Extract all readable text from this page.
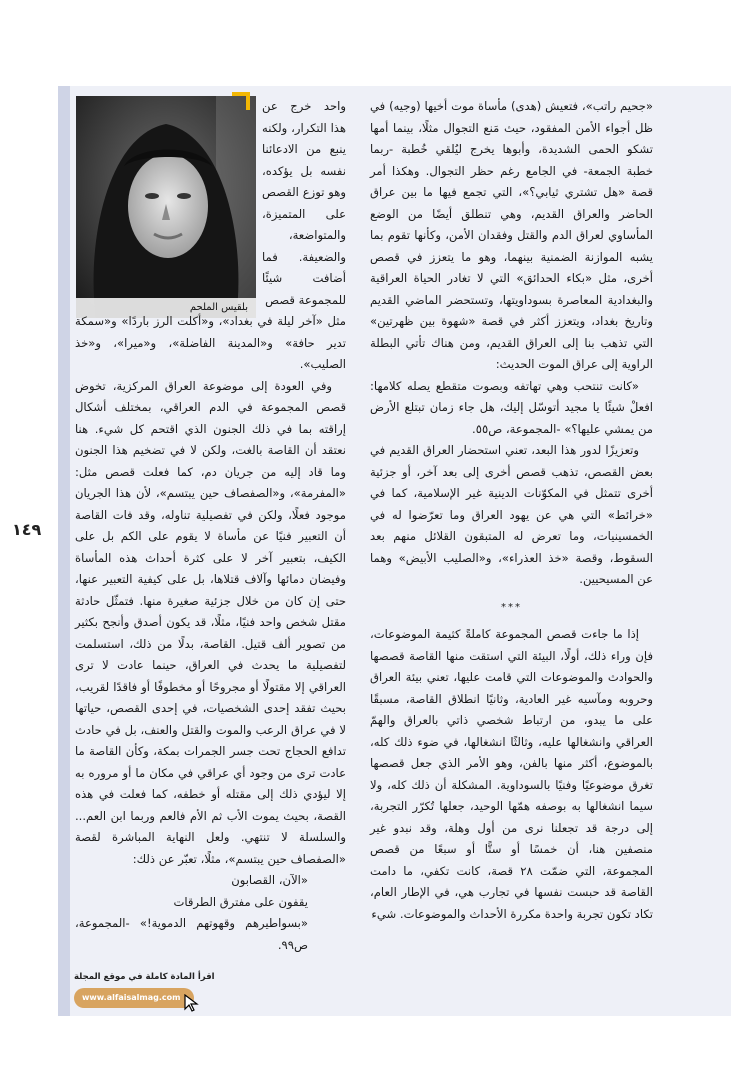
١٤٩

«جحيم راتب»، فتعيش (هدى) مأساة موت أخيها (وجيه) في ظل أجواء الأمن المفقود، حيث مَنع التجوال مثلًا، بينما أمها تشكو الحمى الشديدة، وأبوها يخرج ليُلقي خُطبة -ربما خطبة الجمعة- في الجامع رغم حظر التجوال. وهكذا أمر قصة «هل تشتري ثيابي؟»، التي تجمع فيها ما بين عراق الحاضر والعراق القديم، وهي تنطلق أيضًا من الوضع المأساوي لعراق الدم والقتل وفقدان الأمن، وكأنها تقوم بما يشبه الموازنة الضمنية بينهما، وهو ما يتعزز في قصص أخرى، مثل «بكاء الحدائق» التي لا تغادر الحياة العراقية والبغدادية المعاصرة بسوداويتها، وتستحضر الماضي القديم وتاريخ بغداد، ويتعزز أكثر في قصة «شهوة بين ظهرتين» التي تذهب بنا إلى العراق القديم، ومن هناك تأتي البطلة الراوية إلى عراق الموت الحديث:

«كانت تنتحب وهي تهاتفه وبصوت متقطع يصله كلامها: افعلْ شيئًا يا مجيد أتوسّل إليك، هل جاء زمان تبتلع الأرض من يمشي عليها؟» -المجموعة، ص٥٥.

وتعزيزًا لدور هذا البعد، تعني استحضار العراق القديم في بعض القصص، تذهب قصص أخرى إلى بعد آخر، أو جزئية أخرى تتمثل في المكوّنات الدينية غير الإسلامية، كما في «خرائط» التي هي عن يهود العراق وما تعرّضوا له في الخمسينيات، وما تعرض له المتبقون القلائل منهم بعد السقوط، وقصة «خذ العذراء»، و«الصليب الأبيض» وهما عن المسيحيين.

***

إذا ما جاءت قصص المجموعة كاملةً كثيمة الموضوعات، فإن وراء ذلك، أولًا، البيئة التي استقت منها القاصة قصصها والحوادث والموضوعات التي قامت عليها، تعني بيئة العراق وحروبه ومآسيه غير العادية، وثانيًا انطلاق القاصة، مسبقًا على ما يبدو، من ارتباط شخصي ذاتي بالعراق والهمّ العراقي وانشغالها عليه، وثالثًا انشغالها، في ضوء ذلك كله، بالموضوع، أكثر منها بالفن، وهو الأمر الذي جعل قصصها تغرق موضوعيًا وفنيًا بالسوداوية. المشكلة أن ذلك كله، ولا سيما انشغالها به بوصفه همّها الوحيد، جعلها تُكرّر التجربة، إلى درجة قد تجعلنا نرى من أول وهلة، وقد نبدو غير منصفين هنا، أن خمسًا أو ستًّا أو سبعًا من قصص المجموعة، التي ضمّت ٢٨ قصة، كانت تكفي، ما دامت القاصة قد حبست نفسها في تجارب هي، في الإطار العام، تكاد تكون تجربة واحدة مكررة الأحداث والموضوعات. شيء

بلقيس الملحم

واحد خرج عن هذا التكرار، ولكنه ينبع من الادعائنا نفسه بل يؤكده، وهو توزع القصص على المتميزة، والمتواضعة، والضعيفة. فما أضافت شيئًا للمجموعة قصص

مثل «آخر ليلة في بغداد»، و«أكلت الرز باردًا» و«سمكة تدير حافة» و«المدينة الفاضلة»، و«ميرا»، و«خذ الصليب».

وفي العودة إلى موضوعة العراق المركزية، تخوض قصص المجموعة في الدم العراقي، بمختلف أشكال إراقته بما في ذلك الجنون الذي اقتحم كل شيء. هنا نعتقد أن القاصة بالغت، ولكن لا في تضخيم هذا الجنون وما قاد إليه من جريان دم، كما فعلت قصص مثل: «المفرمة»، و«الصفصاف حين يبتسم»، لأن هذا الجريان موجود فعلًا، ولكن في تفصيلية تناوله، وقد فات القاصة أن التعبير فنيًا عن مأساة لا يقوم على الكم بل على الكيف، بتعبير آخر لا على كثرة أحداث هذه المأساة وفيضان دمائها وآلاف قتلاها، بل على كيفية التعبير عنها، حتى إن كان من خلال جزئية صغيرة منها. فتمثّل حادثة مقتل شخص واحد فنيًا، مثلًا، قد يكون أصدق وأنجح بكثير من تصوير ألف قتيل. القاصة، بدلًا من ذلك، استسلمت لتفصيلية ما يحدث في العراق، حينما عادت لا ترى العراقي إلا مقتولًا أو مجروحًا أو مخطوفًا أو فاقدًا لقريب، بحيث تفقد إحدى الشخصيات، في إحدى القصص، حياتها لا في عراق الرعب والموت والقتل والعنف، بل في حادث تدافع الحجاج تحت جسر الجمرات بمكة، وكأن القاصة ما عادت ترى من وجود أي عراقي في مكان ما أو مروره به إلا ليؤدي ذلك إلى مقتله أو خطفه، كما فعلت في هذه القصة، بحيث يموت الأب ثم الأم فالعم وربما ابن العم... والسلسلة لا تنتهي. ولعل النهاية المباشرة لقصة «الصفصاف حين يبتسم»، مثلًا، تعبّر عن ذلك:

«الآن، القصابون

يقفون على مفترق الطرقات

«بسواطيرهم وقهوتهم الدموية!» -المجموعة، ص٩٩.

اقرأ المادة كاملة في موقع المجلة
www.alfaisalmag.com
